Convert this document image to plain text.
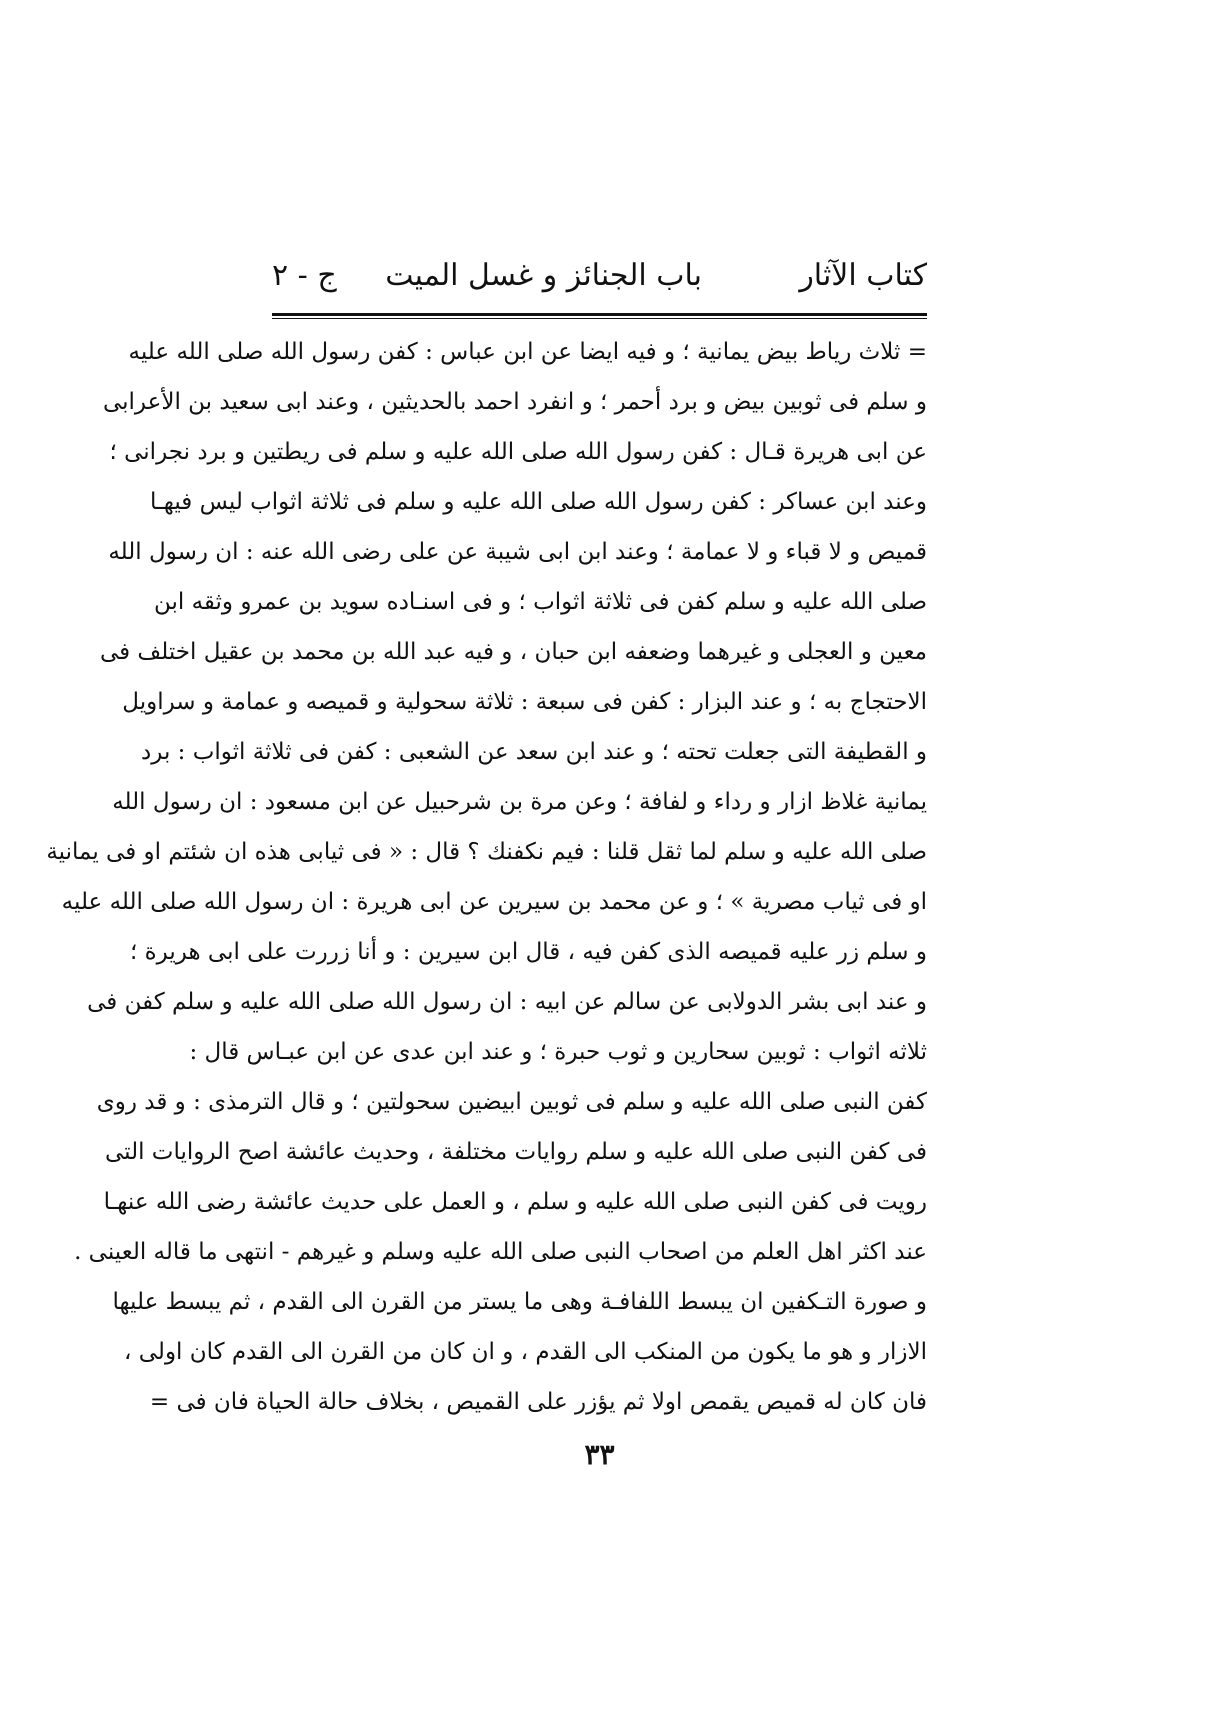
كتاب الآثار
باب الجنائز و غسل الميت
ج - ٢
= ثلاث رياط بيض يمانية ؛ و فيه ايضا عن ابن عباس : كفن رسول الله صلى الله عليه
و سلم فى ثوبين بيض و برد أحمر ؛ و انفرد احمد بالحديثين ، وعند ابى سعيد بن الأعرابى
عن ابى هريرة قـال : كفن رسول الله صلى الله عليه و سلم فى ريطتين و برد نجرانى ؛
وعند ابن عساكر : كفن رسول الله صلى الله عليه و سلم فى ثلاثة اثواب ليس فيهـا
قميص و لا قباء و لا عمامة ؛ وعند ابن ابى شيبة عن على رضى الله عنه : ان رسول الله
صلى الله عليه و سلم كفن فى ثلاثة اثواب ؛ و فى اسنـاده سويد بن عمرو وثقه ابن
معين و العجلى و غيرهما وضعفه ابن حبان ، و فيه عبد الله بن محمد بن عقيل اختلف فى
الاحتجاج به ؛ و عند البزار : كفن فى سبعة : ثلاثة سحولية و قميصه و عمامة و سراويل
و القطيفة التى جعلت تحته ؛ و عند ابن سعد عن الشعبى : كفن فى ثلاثة اثواب : برد
يمانية غلاظ ازار و رداء و لفافة ؛ وعن مرة بن شرحبيل عن ابن مسعود : ان رسول الله
صلى الله عليه و سلم لما ثقل قلنا : فيم نكفنك ؟ قال : « فى ثيابى هذه ان شئتم او فى يمانية
او فى ثياب مصرية » ؛ و عن محمد بن سيرين عن ابى هريرة : ان رسول الله صلى الله عليه
و سلم زر عليه قميصه الذى كفن فيه ، قال ابن سيرين : و أنا زررت على ابى هريرة ؛
و عند ابى بشر الدولابى عن سالم عن ابيه : ان رسول الله صلى الله عليه و سلم كفن فى
ثلاثه اثواب : ثوبين سحارين و ثوب حبرة ؛ و عند ابن عدى عن ابن عبـاس قال :
كفن النبى صلى الله عليه و سلم فى ثوبين ابيضين سحولتين ؛ و قال الترمذى : و قد روى
فى كفن النبى صلى الله عليه و سلم روايات مختلفة ، وحديث عائشة اصح الروايات التى
رويت فى كفن النبى صلى الله عليه و سلم ، و العمل على حديث عائشة رضى الله عنهـا
عند اكثر اهل العلم من اصحاب النبى صلى الله عليه وسلم و غيرهم - انتهى ما قاله العينى .
و صورة التـكفين ان يبسط اللفافـة وهى ما يستر من القرن الى القدم ، ثم يبسط عليها
الازار و هو ما يكون من المنكب الى القدم ، و ان كان من القرن الى القدم كان اولى ،
فان كان له قميص يقمص اولا ثم يؤزر على القميص ، بخلاف حالة الحياة فان فى =
٣٣
